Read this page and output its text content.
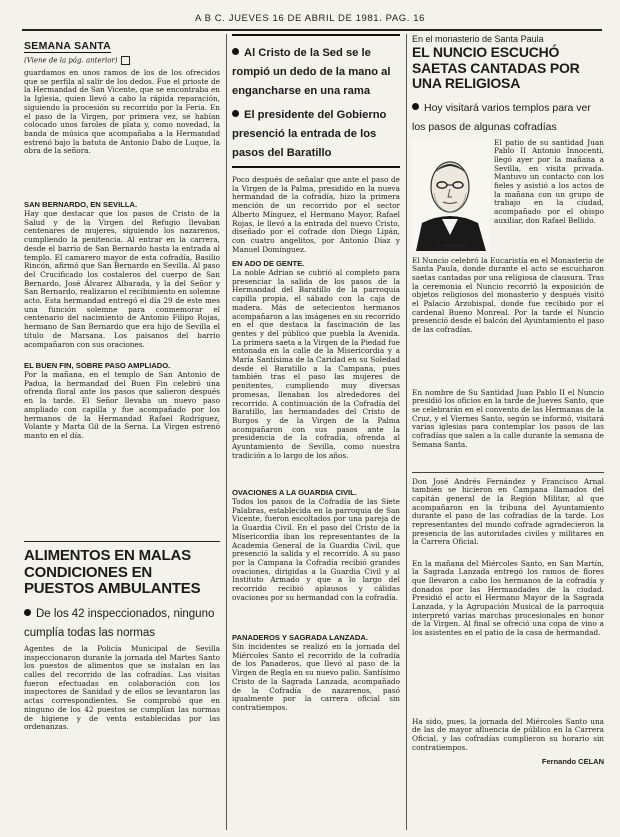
A B C. JUEVES 16 DE ABRIL DE 1981. PAG. 16
SEMANA SANTA
(Viene de la pág. anterior)

guardamos en unos ramos de los de los ofrecidos que se perfila al salir de los dedos. Fue el prioste de la Hermandad de San Vicente, que se encontraba en la Iglesia, quien llevó a cabo la rápida reparación, siguiendo la procesión su recorrido por la Feria. En el paso de la Virgen, por primera vez, se habían colocado unos faroles de plata y, como novedad, la banda de música que acompañaba a la Hermandad estrenó bajo la batuta de Antonio Dabo de Luque, la obra de la señora.

SAN BERNARDO, EN SEVILLA.

Hay que destacar que los pasos de Cristo de la Salud y de la Virgen del Refugio llevaban centenares de mujeres, siguiendo los nazarenos, cumpliendo la penitencia. Al entrar en la carrera, desde el barrio de San Bernardo hasta la entrada al templo. El camarero mayor de esta cofradía, Basilio Rincón, afirmó que San Bernardo en Sevilla. Al paso del Crucificado los costaleros del cuerpo de San Bernardo, José Álvarez Albarada, y la del Señor y San Bernardo, realizaron el recibimiento en solemne acto. Esta hermandad entregó el día 29 de este mes una función solemne para conmemorar el centenario del nacimiento de Antonio Filipo Rojas, hermano de San Bernardo que era hijo de Sevilla el título de Marsana. Los paisanos del barrio acompañaron con sus oraciones.

EL BUEN FIN, SOBRE PASO AMPLIADO.

Por la mañana, en el templo de San Antonio de Padua, la hermandad del Buen Fin celebró una ofrenda floral ante los pasos que salieron después en la tarde. El Señor llevaba un nuevo paso ampliado con capilla y fue acompañado por los hermanos de la Hermandad Rafael Rodríguez, Volante y Marta Gil de la Serna. La Virgen estrenó manto en el día.

ALIMENTOS EN MALAS CONDICIONES EN PUESTOS AMBULANTES
De los 42 inspeccionados, ninguno cumplía todas las normas

Agentes de la Policía Municipal de Sevilla inspeccionaron durante la jornada del Martes Santo los puestos de alimentos que se instalan en las calles del recorrido de las cofradías. Las visitas fueron efectuadas en colaboración con los inspectores de Sanidad y de ellos se levantaron las actas correspondientes. Se comprobó que en ninguno de los 42 puestos se cumplían las normas de higiene y de venta establecidas por las ordenanzas.

Al Cristo de la Sed se le rompió un dedo de la mano al engancharse en una rama
El presidente del Gobierno presenció la entrada de los pasos del Baratillo

Poco después de señalar que ante el paso de la Virgen de la Palma, presidido en la nueva hermandad de la cofradía, hizo la primera mención de un recorrido por el sector Alberto Mínguez, el Hermano Mayor, Rafael Rojas, le llevó a la entrada del nuevo Cristo, diseñado por el cofrade don Diego Lipán, con cuatro angelitos, por Antonio Díaz y Manuel Domínguez.

EN ADO DE GENTE.

La noble Adrian se cubrió al completo para presenciar la salida de los pasos de la Hermandad del Baratillo de la parroquia capilla propia, el sábado con la caja de madera. Más de setecientos hermanos acompañaron a las imágenes en su recorrido en el que destaca la fascinación de las gentes y del público que puebla la Avenida. La primera saeta a la Virgen de la Piedad fue entonada en la calle de la Misericordia y a María Santísima de la Caridad en su Soledad desde el Baratillo a la Campana, pues también tras el paso las mujeres de penitentes, cumpliendo muy diversas promesas, llenaban los alrededores del recorrido. A continuación de la Cofradía del Baratillo, las hermandades del Cristo de Burgos y de la Virgen de la Palma acompañaron con sus pasos ante la presidencia de la cofradía, ofrenda al Ayuntamiento de Sevilla, como nuestra tradición a lo largo de los años.

OVACIONES A LA GUARDIA CIVIL.

Todos los pasos de la Cofradía de las Siete Palabras, establecida en la parroquia de San Vicente, fueron escoltados por una pareja de la Guardia Civil. En el paso del Cristo de la Misericordia iban los representantes de la Academia General de la Guardia Civil, que presenció la salida y el recorrido. A su paso por la Campana la Cofradía recibió grandes ovaciones, dirigidas a la Guardia Civil y al Instituto Armado y que a lo largo del recorrido recibió aplausos y cálidas ovaciones por su hermandad con la cofradía.

PANADEROS Y SAGRADA LANZADA.

Sin incidentes se realizó en la jornada del Miércoles Santo el recorrido de la cofradía de los Panaderos, que llevó al paso de la Virgen de Regla en su nuevo palio. Santísimo Cristo de la Sagrada Lanzada, acompañado de la Cofradía de nazarenos, pasó igualmente por la carrera oficial sin contratiempos.

En el monasterio de Santa Paula
EL NUNCIO ESCUCHÓ SAETAS CANTADAS POR UNA RELIGIOSA
Hoy visitará varios templos para ver los pasos de algunas cofradías
A. Innocenti

El patio de su santidad Juan Pablo II Antonio Innocenti, llegó ayer por la mañana a Sevilla, en visita privada. Mantuvo un contacto con los fieles y asistió a los actos de la mañana con un grupo de trabajo en la ciudad, acompañado por el obispo auxiliar, don Rafael Bellido.

El Nuncio celebró la Eucaristía en el Monasterio de Santa Paula, donde durante el acto se escucharon saetas cantadas por una religiosa de clausura. Tras la ceremonia el Nuncio recorrió la exposición de objetos religiosos del monasterio y después visitó el Palacio Arzobispal, donde fue recibido por el cardenal Bueno Monreal. Por la tarde el Nuncio presenció desde el balcón del Ayuntamiento el paso de las cofradías.

En nombre de Su Santidad Juan Pablo II el Nuncio presidió los oficios en la tarde de Jueves Santo, que se celebrarán en el convento de las Hermanas de la Cruz, y el Viernes Santo, según se informó, visitará varias iglesias para contemplar los pasos de las cofradías que salen a la calle durante la semana de Semana Santa.

Don José Andrés Fernández y Francisco Arnal también se hicieron en Campana llamados del capitán general de la Región Militar, al que acompañaron en la tribuna del Ayuntamiento durante el paso de las cofradías de la tarde. Los representantes del mundo cofrade agradecieron la presencia de las autoridades civiles y militares en la Carrera Oficial.

En la mañana del Miércoles Santo, en San Martín, la Sagrada Lanzada entregó los ramos de flores que llevaron a cabo los hermanos de la cofradía y donados por las Hermandades de la ciudad. Presidió el acto el Hermano Mayor de la Sagrada Lanzada, y la Agrupación Musical de la parroquia interpretó varias marchas procesionales en honor de la Virgen. Al final se ofreció una copa de vino a los asistentes en el patio de la casa de hermandad.

Ha sido, pues, la jornada del Miércoles Santo una de las de mayor afluencia de público en la Carrera Oficial, y las cofradías cumplieron su horario sin contratiempos.

Fernando CELAN
